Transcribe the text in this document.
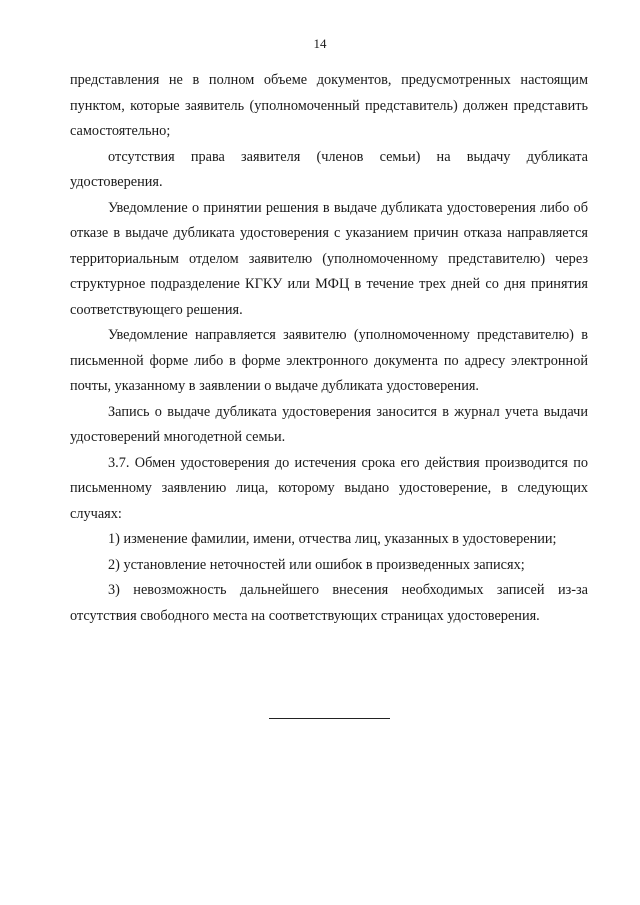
14

представления не в полном объеме документов, предусмотренных настоящим пунктом, которые заявитель (уполномоченный представитель) должен представить самостоятельно;

отсутствия права заявителя (членов семьи) на выдачу дубликата удостоверения.

Уведомление о принятии решения в выдаче дубликата удостоверения либо об отказе в выдаче дубликата удостоверения с указанием причин отказа направляется территориальным отделом заявителю (уполномоченному представителю) через структурное подразделение КГКУ или МФЦ в течение трех дней со дня принятия соответствующего решения.

Уведомление направляется заявителю (уполномоченному представителю) в письменной форме либо в форме электронного документа по адресу электронной почты, указанному в заявлении о выдаче дубликата удостоверения.

Запись о выдаче дубликата удостоверения заносится в журнал учета выдачи удостоверений многодетной семьи.

3.7. Обмен удостоверения до истечения срока его действия производится по письменному заявлению лица, которому выдано удостоверение, в следующих случаях:

1) изменение фамилии, имени, отчества лиц, указанных в удостоверении;

2) установление неточностей или ошибок в произведенных записях;

3) невозможность дальнейшего внесения необходимых записей из-за отсутствия свободного места на соответствующих страницах удостоверения.
